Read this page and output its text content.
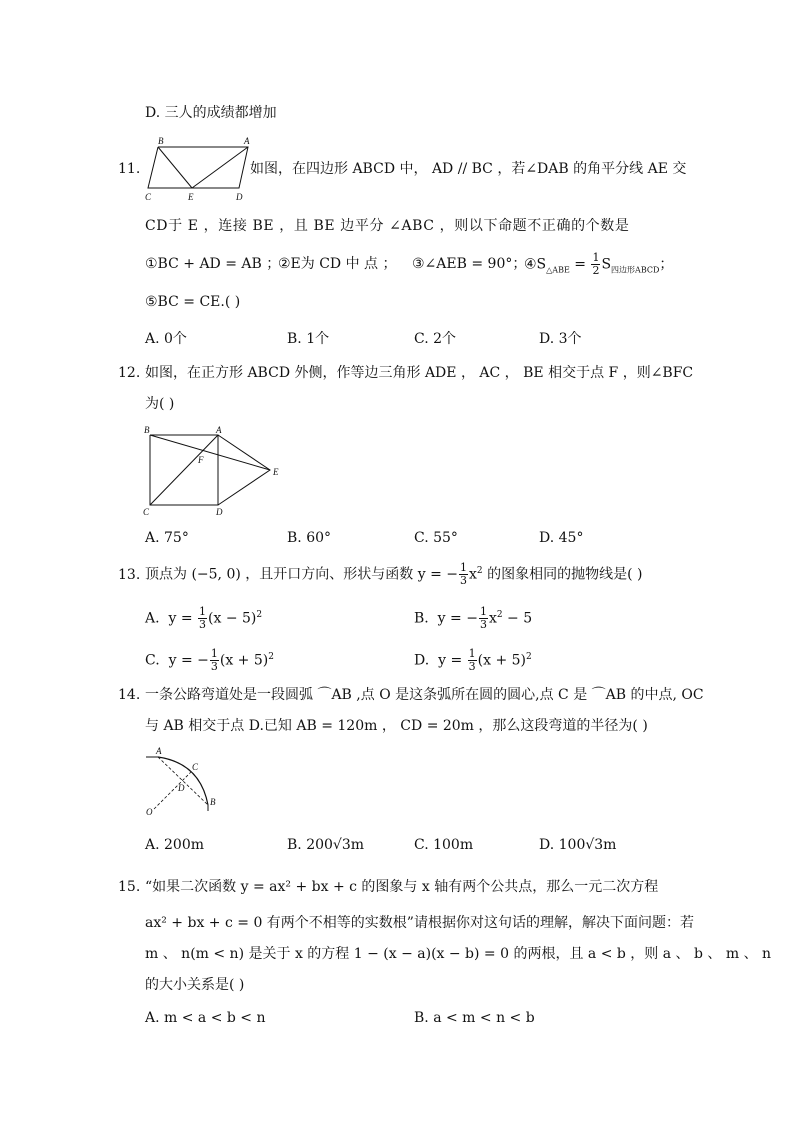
D. 三人的成绩都增加
11.
B	A
C	E	D
如图，在四边形 ABCD 中， AD // BC ，若∠DAB 的角平分线 AE 交
CD于 E ，连接 BE ，且 BE 边平分 ∠ABC ，则以下命题不正确的个数是
①BC + AD = AB ；
②E为 CD 中 点 ； ③∠AEB = 90°；
$④S_{\triangle ABE} = \frac{1}{2} S_{四边形ABCD}$；
⑤BC = CE.( )
A. 0个	B. 1个	C. 2个	D. 3个
12. 如图，在正方形 ABCD 外侧，作等边三角形 ADE ， AC ， BE 相交于点 F ，则∠BFC
为( )
B	A
F
E
C	D
A. 75°	B. 60°	C. 55°	D. 45°
13. 顶点为 (−5, 0) ，且开口方向、形状与函数 y = − $\frac{1}{3} x^2$ 的图象相同的抛物线是( )
A. $y = \frac{1}{3} (x - 5)^2$	B. y = − $\frac{1}{3} x^2 - 5$
C. y = − $\frac{1}{3} (x + 5)^2$	D. $y = \frac{1}{3} (x + 5)^2$
14. 一条公路弯道处是一段圆弧 ⌒AB ,点 O 是这条弧所在圆的圆心,点 C 是 ⌒AB 的中点, OC
与 AB 相交于点 D.已知 AB = 120m ， CD = 20m ，那么这段弯道的半径为( )
A
C
D
O
B
A. 200m	B. 200√3m	C. 100m	D. 100√3m
15. “如果二次函数 y = ax² + bx + c 的图象与 x 轴有两个公共点，那么一元二次方程
ax² + bx + c = 0 有两个不相等的实数根”请根据你对这句话的理解，解决下面问题：若
m 、 n(m < n) 是关于 x 的方程 1 − (x − a)(x − b) = 0 的两根，且 a < b ，则 a 、 b 、 m 、 n
的大小关系是( )
A. m < a < b < n	B. a < m < n < b
